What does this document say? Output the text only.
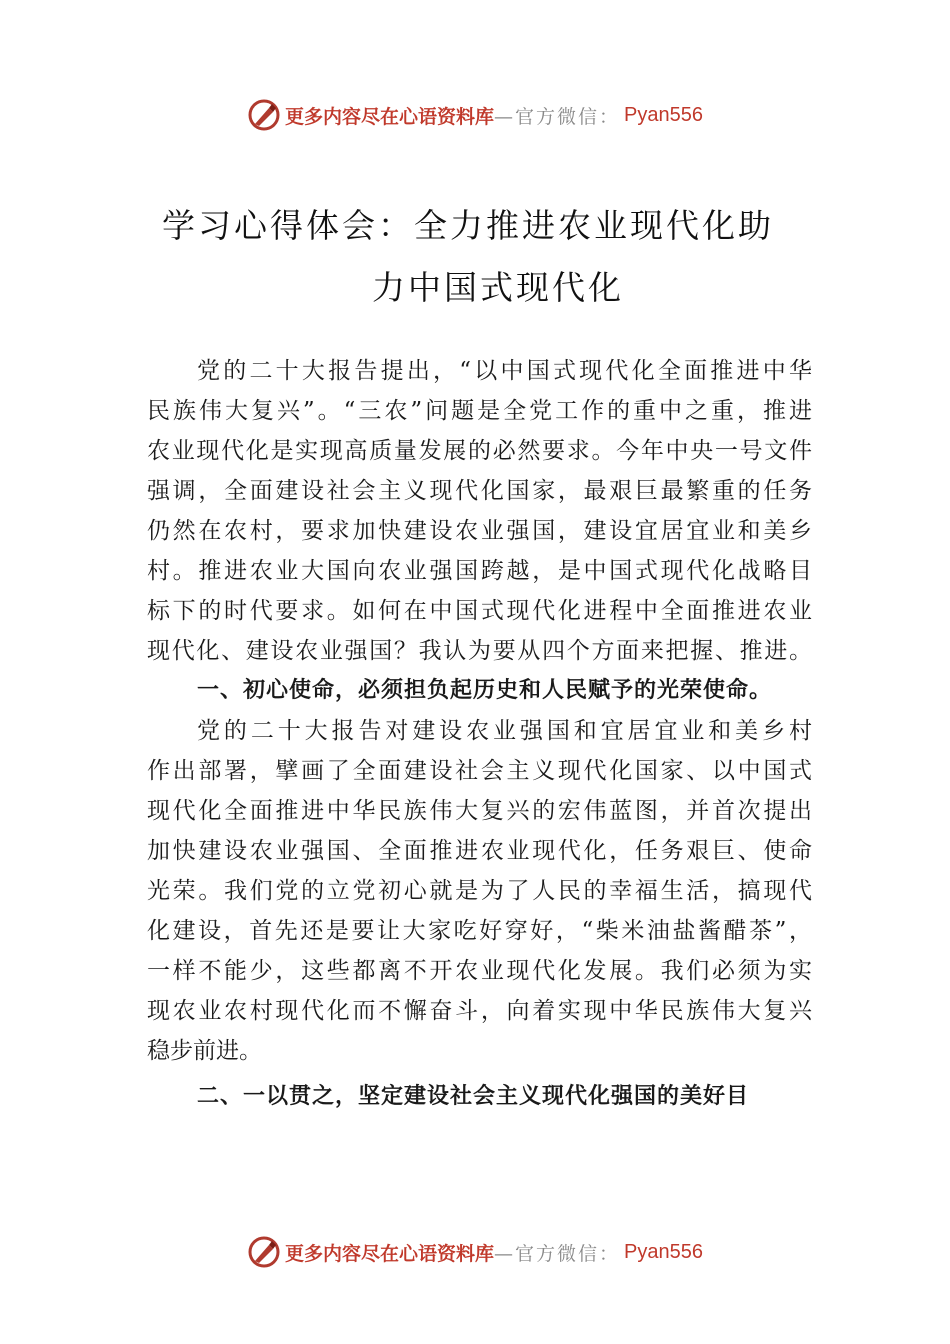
更多内容尽在心语资料库 —官方微信： Pyan556
学习心得体会：全力推进农业现代化助
力中国式现代化
党的二十大报告提出，“以中国式现代化全面推进中华
民族伟大复兴”。“三农”问题是全党工作的重中之重，推进
农业现代化是实现高质量发展的必然要求。今年中央一号文件
强调，全面建设社会主义现代化国家，最艰巨最繁重的任务
仍然在农村，要求加快建设农业强国，建设宜居宜业和美乡
村。推进农业大国向农业强国跨越，是中国式现代化战略目
标下的时代要求。如何在中国式现代化进程中全面推进农业
现代化、建设农业强国？我认为要从四个方面来把握、推进。
一、初心使命，必须担负起历史和人民赋予的光荣使命。
党的二十大报告对建设农业强国和宜居宜业和美乡村
作出部署，擘画了全面建设社会主义现代化国家、以中国式
现代化全面推进中华民族伟大复兴的宏伟蓝图，并首次提出
加快建设农业强国、全面推进农业现代化，任务艰巨、使命
光荣。我们党的立党初心就是为了人民的幸福生活，搞现代
化建设，首先还是要让大家吃好穿好，“柴米油盐酱醋茶”，
一样不能少，这些都离不开农业现代化发展。我们必须为实
现农业农村现代化而不懈奋斗，向着实现中华民族伟大复兴
稳步前进。
二、一以贯之，坚定建设社会主义现代化强国的美好目
更多内容尽在心语资料库 —官方微信： Pyan556
